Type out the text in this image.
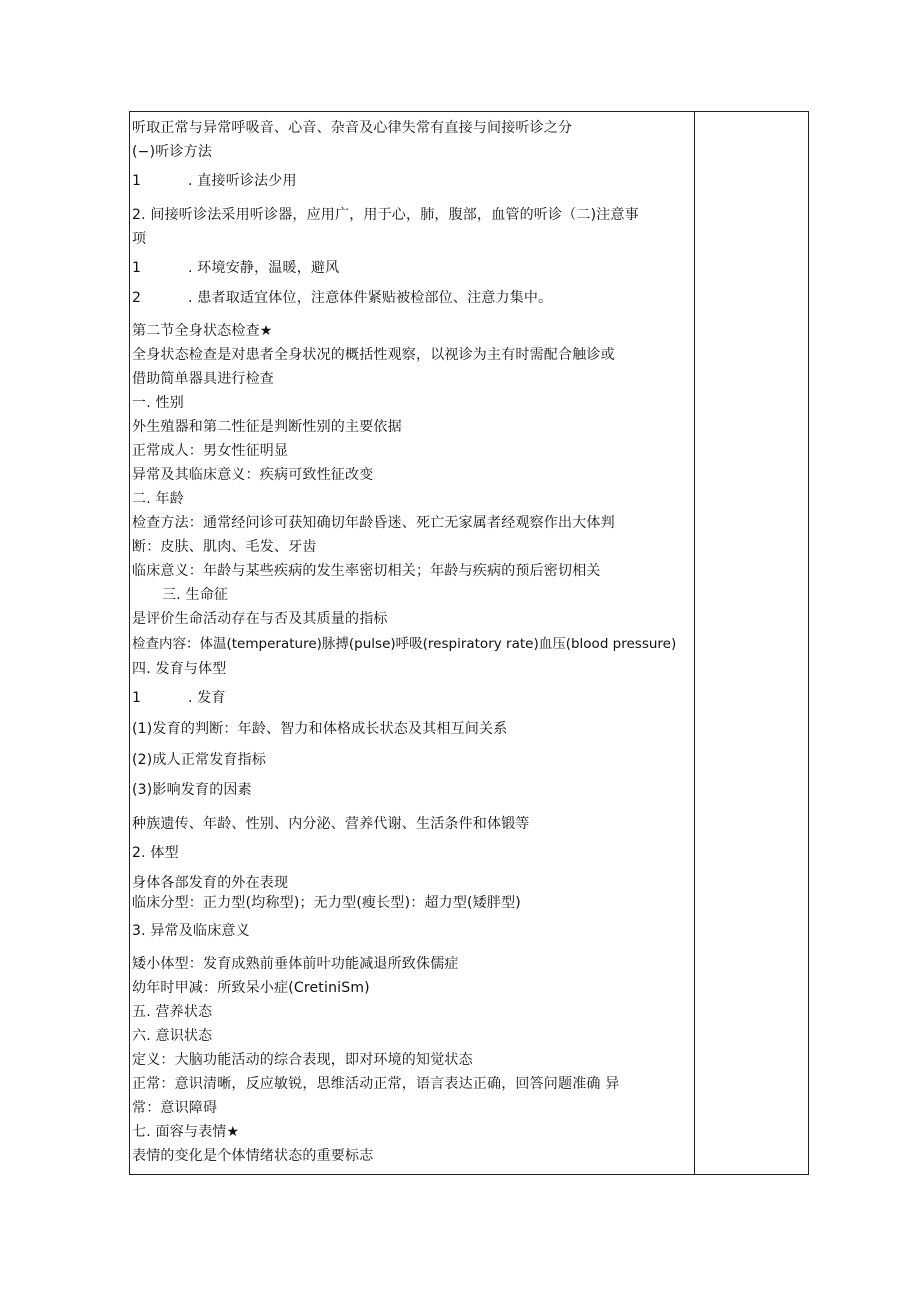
听取正常与异常呼吸音、心音、杂音及心律失常有直接与间接听诊之分
(−)听诊方法
1	. 直接听诊法少用
2. 间接听诊法采用听诊器，应用广，用于心，肺，腹部，血管的听诊（二)注意事
项
1	. 环境安静，温暖，避风
2	. 患者取适宜体位，注意体件紧贴被检部位、注意力集中。
第二节全身状态检查★
全身状态检查是对患者全身状况的概括性观察，以视诊为主有时需配合触诊或
借助简单器具进行检查
一. 性别
外生殖器和第二性征是判断性别的主要依据
正常成人：男女性征明显
异常及其临床意义：疾病可致性征改变
二. 年龄
检查方法：通常经问诊可获知确切年龄昏迷、死亡无家属者经观察作出大体判
断：皮肤、肌肉、毛发、牙齿
临床意义：年龄与某些疾病的发生率密切相关；年龄与疾病的预后密切相关
三. 生命征
是评价生命活动存在与否及其质量的指标
检查内容：体温(temperature)脉搏(pulse)呼吸(respiratory rate)血压(blood pressure)
四. 发育与体型
1	. 发育
(1)发育的判断：年龄、智力和体格成长状态及其相互间关系
(2)成人正常发育指标
(3)影响发育的因素
种族遗传、年龄、性别、内分泌、营养代谢、生活条件和体锻等
2. 体型
身体各部发育的外在表现
临床分型：正力型(均称型)；无力型(瘦长型)：超力型(矮胖型)
3. 异常及临床意义
矮小体型：发育成熟前垂体前叶功能减退所致侏儒症
幼年时甲减：所致呆小症(CretiniSm)
五. 营养状态
六. 意识状态
定义：大脑功能活动的综合表现，即对环境的知觉状态
正常：意识清晰，反应敏锐，思维活动正常，语言表达正确，回答问题准确 异
常：意识障碍
七. 面容与表情★
表情的变化是个体情绪状态的重要标志
